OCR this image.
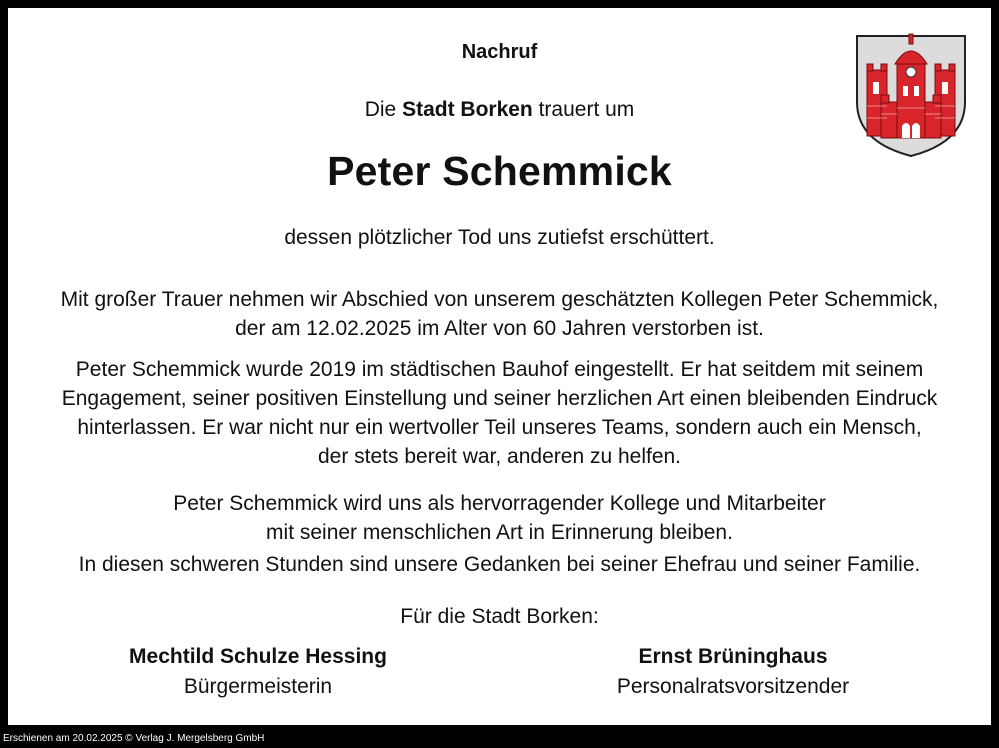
Nachruf
Die Stadt Borken trauert um
Peter Schemmick
dessen plötzlicher Tod uns zutiefst erschüttert.
Mit großer Trauer nehmen wir Abschied von unserem geschätzten Kollegen Peter Schemmick,
der am 12.02.2025 im Alter von 60 Jahren verstorben ist.
Peter Schemmick wurde 2019 im städtischen Bauhof eingestellt. Er hat seitdem mit seinem
Engagement, seiner positiven Einstellung und seiner herzlichen Art einen bleibenden Eindruck
hinterlassen. Er war nicht nur ein wertvoller Teil unseres Teams, sondern auch ein Mensch,
der stets bereit war, anderen zu helfen.
Peter Schemmick wird uns als hervorragender Kollege und Mitarbeiter
mit seiner menschlichen Art in Erinnerung bleiben.
In diesen schweren Stunden sind unsere Gedanken bei seiner Ehefrau und seiner Familie.
Für die Stadt Borken:
Mechtild Schulze Hessing
Bürgermeisterin
Ernst Brüninghaus
Personalratsvorsitzender
Erschienen am 20.02.2025 © Verlag J. Mergelsberg GmbH
